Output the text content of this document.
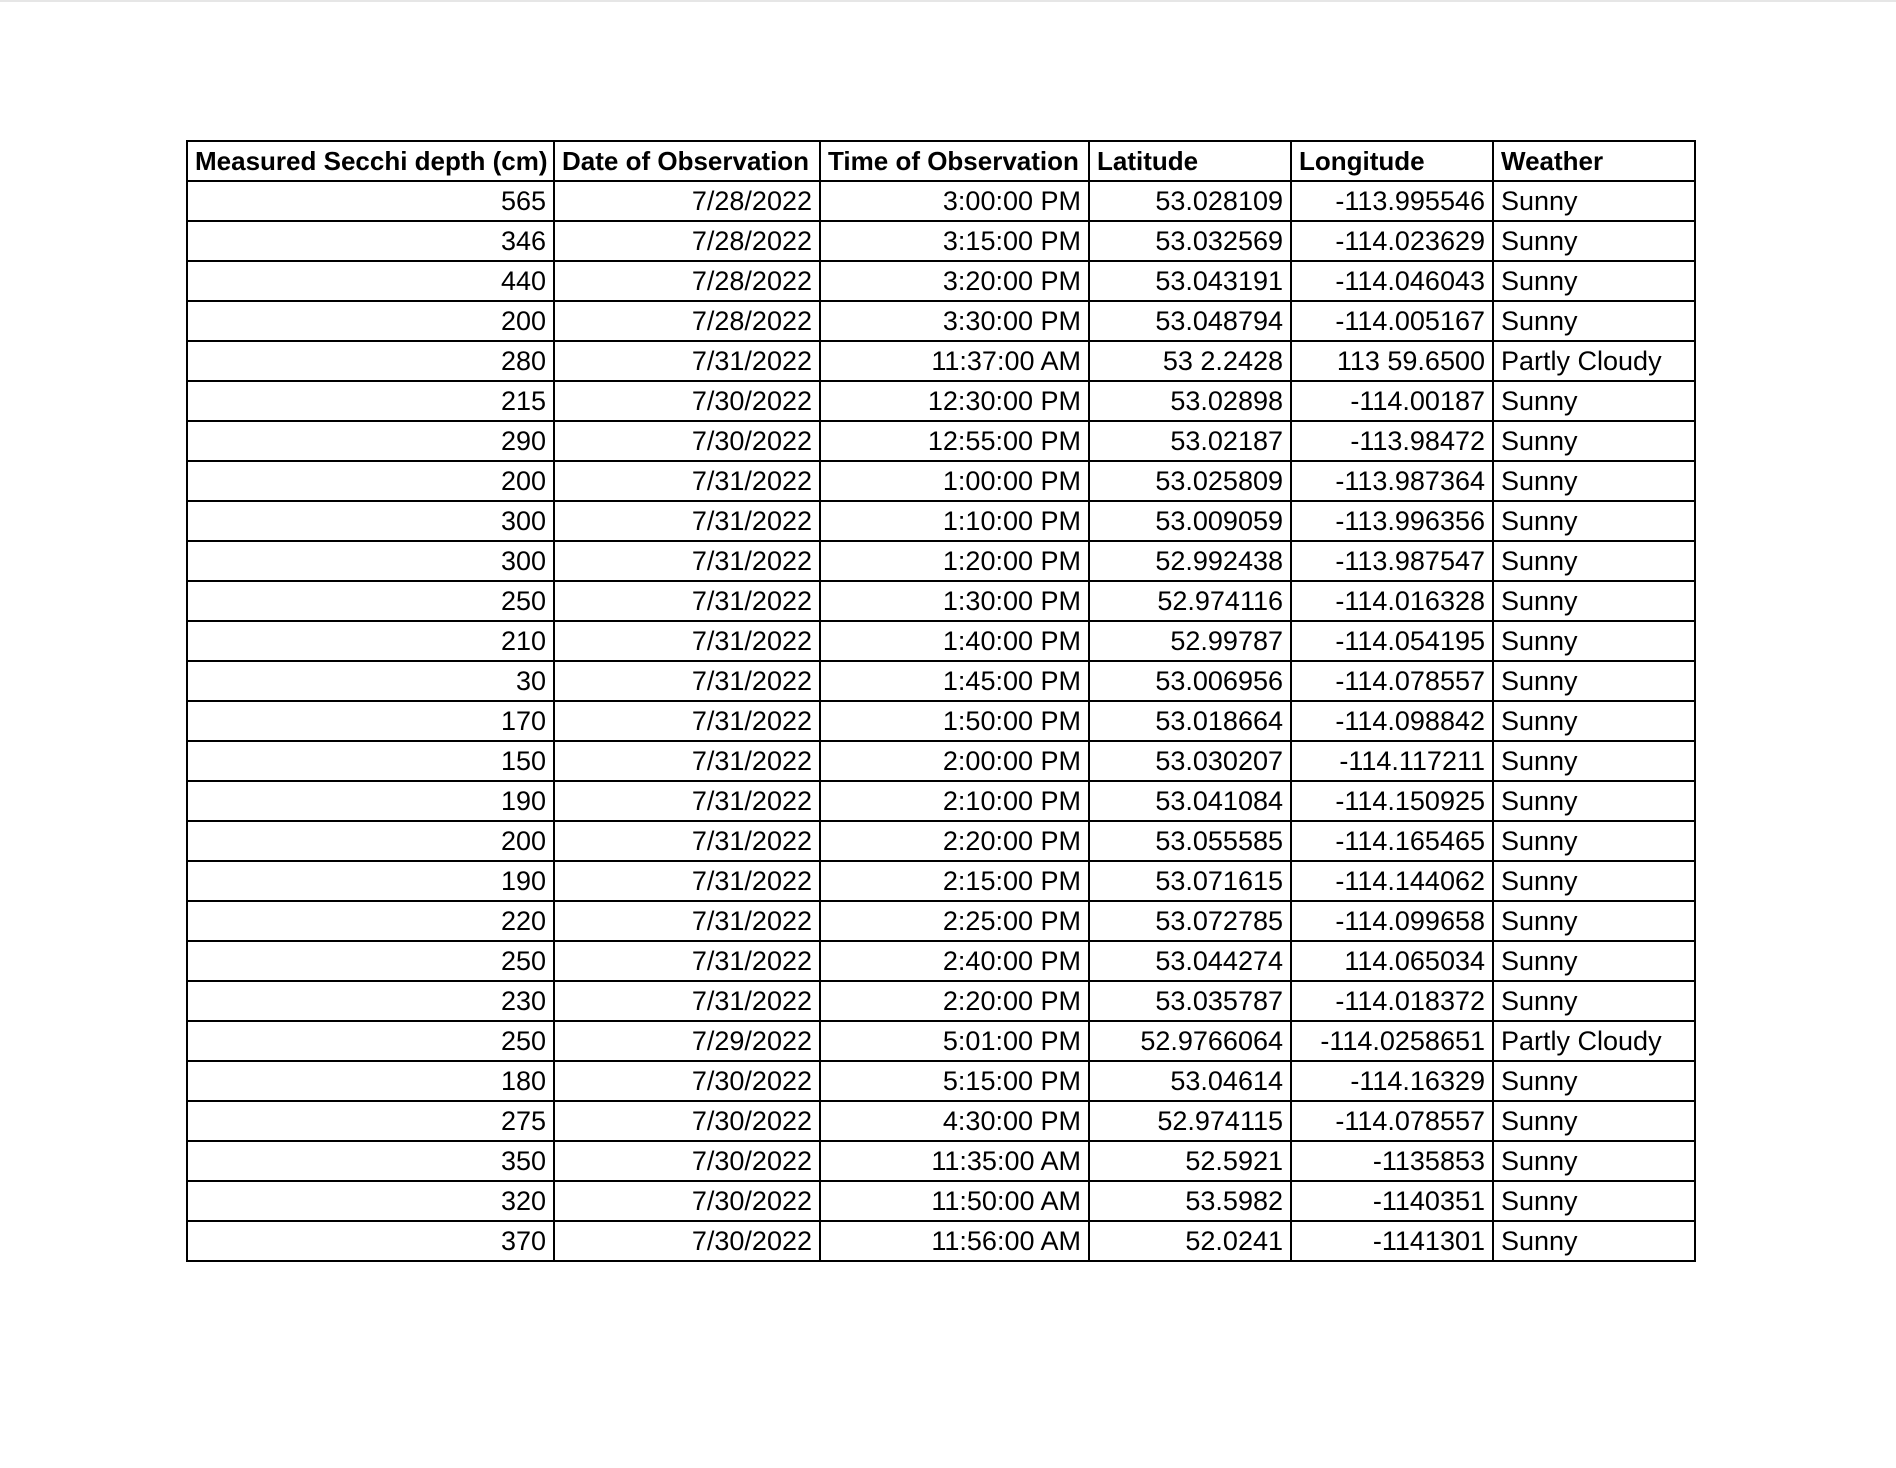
Measured Secchi depth (cm)	Date of Observation	Time of Observation	Latitude	Longitude	Weather
565	7/28/2022	3:00:00 PM	53.028109	-113.995546	Sunny
346	7/28/2022	3:15:00 PM	53.032569	-114.023629	Sunny
440	7/28/2022	3:20:00 PM	53.043191	-114.046043	Sunny
200	7/28/2022	3:30:00 PM	53.048794	-114.005167	Sunny
280	7/31/2022	11:37:00 AM	53 2.2428	113 59.6500	Partly Cloudy
215	7/30/2022	12:30:00 PM	53.02898	-114.00187	Sunny
290	7/30/2022	12:55:00 PM	53.02187	-113.98472	Sunny
200	7/31/2022	1:00:00 PM	53.025809	-113.987364	Sunny
300	7/31/2022	1:10:00 PM	53.009059	-113.996356	Sunny
300	7/31/2022	1:20:00 PM	52.992438	-113.987547	Sunny
250	7/31/2022	1:30:00 PM	52.974116	-114.016328	Sunny
210	7/31/2022	1:40:00 PM	52.99787	-114.054195	Sunny
30	7/31/2022	1:45:00 PM	53.006956	-114.078557	Sunny
170	7/31/2022	1:50:00 PM	53.018664	-114.098842	Sunny
150	7/31/2022	2:00:00 PM	53.030207	-114.117211	Sunny
190	7/31/2022	2:10:00 PM	53.041084	-114.150925	Sunny
200	7/31/2022	2:20:00 PM	53.055585	-114.165465	Sunny
190	7/31/2022	2:15:00 PM	53.071615	-114.144062	Sunny
220	7/31/2022	2:25:00 PM	53.072785	-114.099658	Sunny
250	7/31/2022	2:40:00 PM	53.044274	114.065034	Sunny
230	7/31/2022	2:20:00 PM	53.035787	-114.018372	Sunny
250	7/29/2022	5:01:00 PM	52.9766064	-114.0258651	Partly Cloudy
180	7/30/2022	5:15:00 PM	53.04614	-114.16329	Sunny
275	7/30/2022	4:30:00 PM	52.974115	-114.078557	Sunny
350	7/30/2022	11:35:00 AM	52.5921	-1135853	Sunny
320	7/30/2022	11:50:00 AM	53.5982	-1140351	Sunny
370	7/30/2022	11:56:00 AM	52.0241	-1141301	Sunny
